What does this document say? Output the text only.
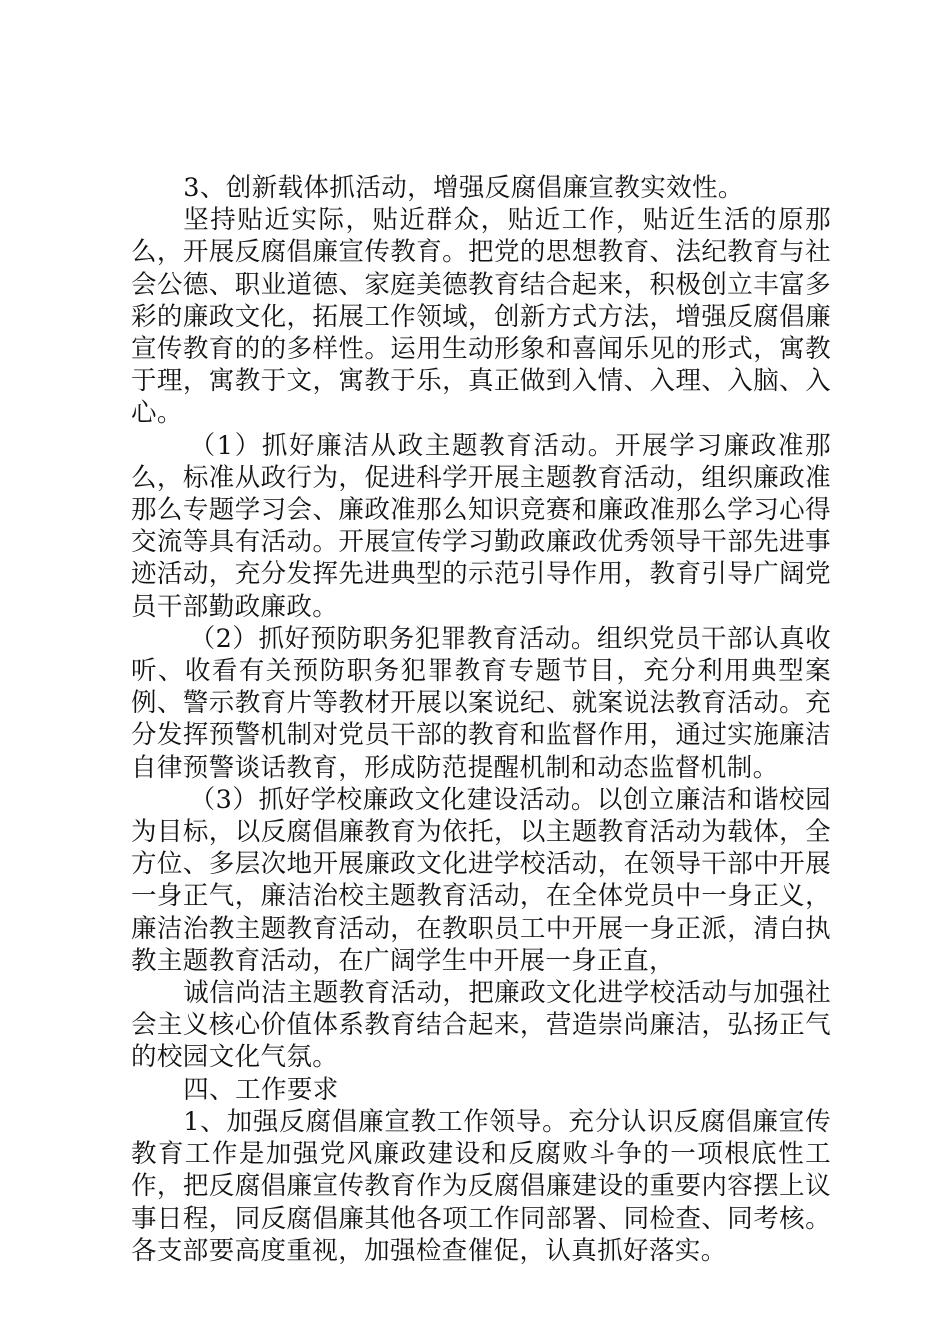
3、创新载体抓活动，增强反腐倡廉宣教实效性。

坚持贴近实际，贴近群众，贴近工作，贴近生活的原那么，开展反腐倡廉宣传教育。把党的思想教育、法纪教育与社会公德、职业道德、家庭美德教育结合起来，积极创立丰富多彩的廉政文化，拓展工作领域，创新方式方法，增强反腐倡廉宣传教育的的多样性。运用生动形象和喜闻乐见的形式，寓教于理，寓教于文，寓教于乐，真正做到入情、入理、入脑、入心。

（1）抓好廉洁从政主题教育活动。开展学习廉政准那么，标准从政行为，促进科学开展主题教育活动，组织廉政准那么专题学习会、廉政准那么知识竞赛和廉政准那么学习心得交流等具有活动。开展宣传学习勤政廉政优秀领导干部先进事迹活动，充分发挥先进典型的示范引导作用，教育引导广阔党员干部勤政廉政。

（2）抓好预防职务犯罪教育活动。组织党员干部认真收听、收看有关预防职务犯罪教育专题节目，充分利用典型案例、警示教育片等教材开展以案说纪、就案说法教育活动。充分发挥预警机制对党员干部的教育和监督作用，通过实施廉洁自律预警谈话教育，形成防范提醒机制和动态监督机制。

（3）抓好学校廉政文化建设活动。以创立廉洁和谐校园为目标，以反腐倡廉教育为依托，以主题教育活动为载体，全方位、多层次地开展廉政文化进学校活动，在领导干部中开展一身正气，廉洁治校主题教育活动，在全体党员中一身正义，廉洁治教主题教育活动，在教职员工中开展一身正派，清白执教主题教育活动，在广阔学生中开展一身正直，

诚信尚洁主题教育活动，把廉政文化进学校活动与加强社会主义核心价值体系教育结合起来，营造崇尚廉洁，弘扬正气的校园文化气氛。

四、工作要求

1、加强反腐倡廉宣教工作领导。充分认识反腐倡廉宣传教育工作是加强党风廉政建设和反腐败斗争的一项根底性工作，把反腐倡廉宣传教育作为反腐倡廉建设的重要内容摆上议事日程，同反腐倡廉其他各项工作同部署、同检查、同考核。各支部要高度重视，加强检查催促，认真抓好落实。
